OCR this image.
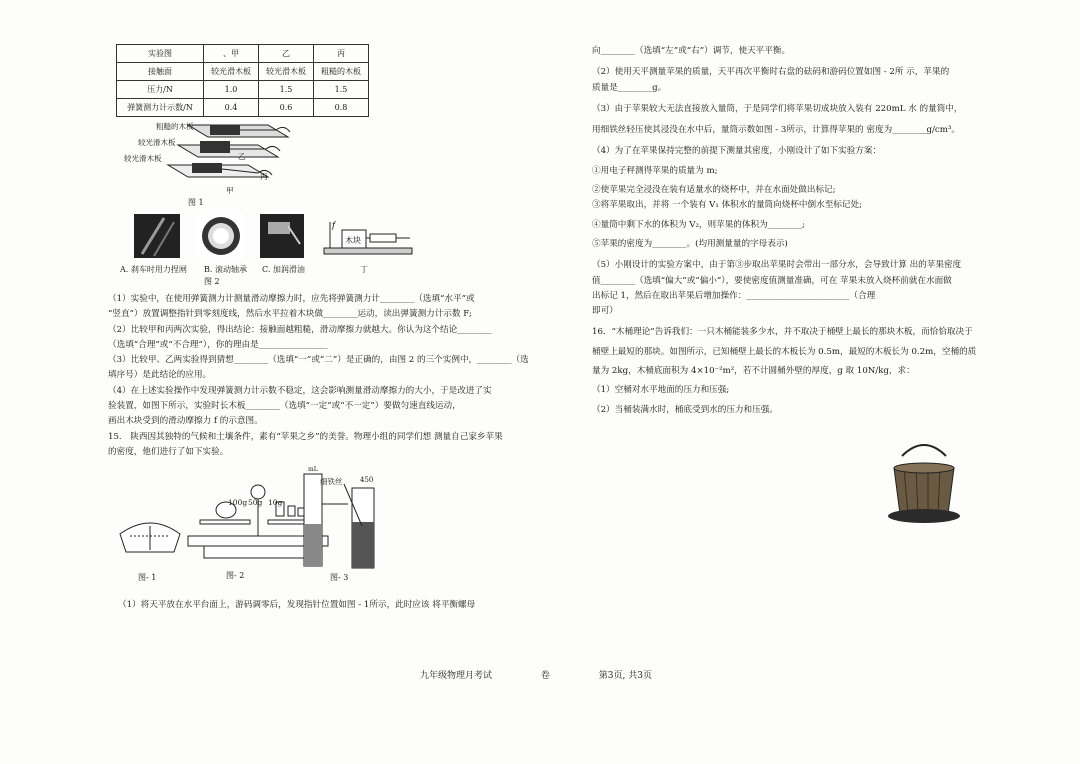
实验图	、甲	乙	丙
接触面	较光滑木板	较光滑木板	粗糙的木板
压力/N	1.0	1.5	1.5
弹簧测力计示数/N	0.4	0.6	0.8
粗糙的木板
较光滑木板
较光滑木板
丙
乙
甲
图 1
木块
f
A. 刹车时用力捏闸 B. 滚动轴承 C. 加润滑油	丁
图 2

（1）实验中，在使用弹簧测力计测量滑动摩擦力时，应先将弹簧测力计________（选填“水平”或

“竖直”）放置调整指针到零刻度线，然后水平拉着木块做________运动，读出弹簧测力计示数 F;

（2）比较甲和丙两次实验，得出结论：接触面越粗糙，滑动摩擦力就越大。你认为这个结论________

（选填“合理”或“不合理”），你的理由是________________

（3）比较甲、乙两实验得到猜想________（选填“一”或“二”）是正确的，由图 2 的三个实例中，________（选

填序号）是此结论的应用。

（4）在上述实验操作中发现弹簧测力计示数不稳定，这会影响测量滑动摩擦力的大小，于是改进了实

验装置，如图下所示，实验时长木板________（选填“一定”或“不一定”）要做匀速直线运动，

画出木块受到的滑动摩擦力 f 的示意图。

15.　陕西因其独特的气候和土壤条件，素有“苹果之乡”的美誉。物理小组的同学们想 测量自己家乡苹果

的密度，他们进行了如下实验。

100g 50g 10g
mL
细铁丝	450
图- 1	图- 2	图- 3

（1）将天平放在水平台面上，游码调零后，发现指针位置如图 - 1所示，此时应该 将平衡螺母

向________（选填“左”或“右”）调节，使天平平衡。

（2）使用天平测量苹果的质量，天平再次平衡时右盘的砝码和游码位置如图 - 2所 示，苹果的

质量是________g。

（3）由于苹果较大无法直接放入量筒，于是同学们将苹果切成块放入装有 220mL 水 的量筒中，

用细铁丝轻压使其浸没在水中后，量筒示数如图 - 3所示，计算得苹果的 密度为________g/cm³。

（4）为了在苹果保持完整的前提下测量其密度，小刚设计了如下实验方案：

①用电子秤测得苹果的质量为 m;

②使苹果完全浸没在装有适量水的烧杯中，并在水面处做出标记;

③将苹果取出，并将 一个装有 V₁ 体积水的量筒向烧杯中倒水至标记处;

④量筒中剩下水的体积为 V₂，则苹果的体积为________;

⑤苹果的密度为________。(均用测量量的字母表示)

（5）小刚设计的实验方案中，由于第③步取出苹果时会带出一部分水，会导致计算 出的苹果密度

值________（选填“偏大”或“偏小”），要使密度值测量准确，可在 苹果未放入烧杯前就在水面做

出标记 1，然后在取出苹果后增加操作：________________________（合理

即可）

16．“木桶理论”告诉我们：一只木桶能装多少水，并不取决于桶壁上最长的那块木板，而恰恰取决于

桶壁上最短的那块。如图所示，已知桶壁上最长的木板长为 0.5m，最短的木板长为 0.2m，空桶的质

量为 2kg，木桶底面积为 4×10⁻²m²，若不计圆桶外壁的厚度，g 取 10N/kg，求：

（1）空桶对水平地面的压力和压强;

（2）当桶装满水时，桶底受到水的压力和压强。

九年级物理月考试	卷	第3页, 共3页
